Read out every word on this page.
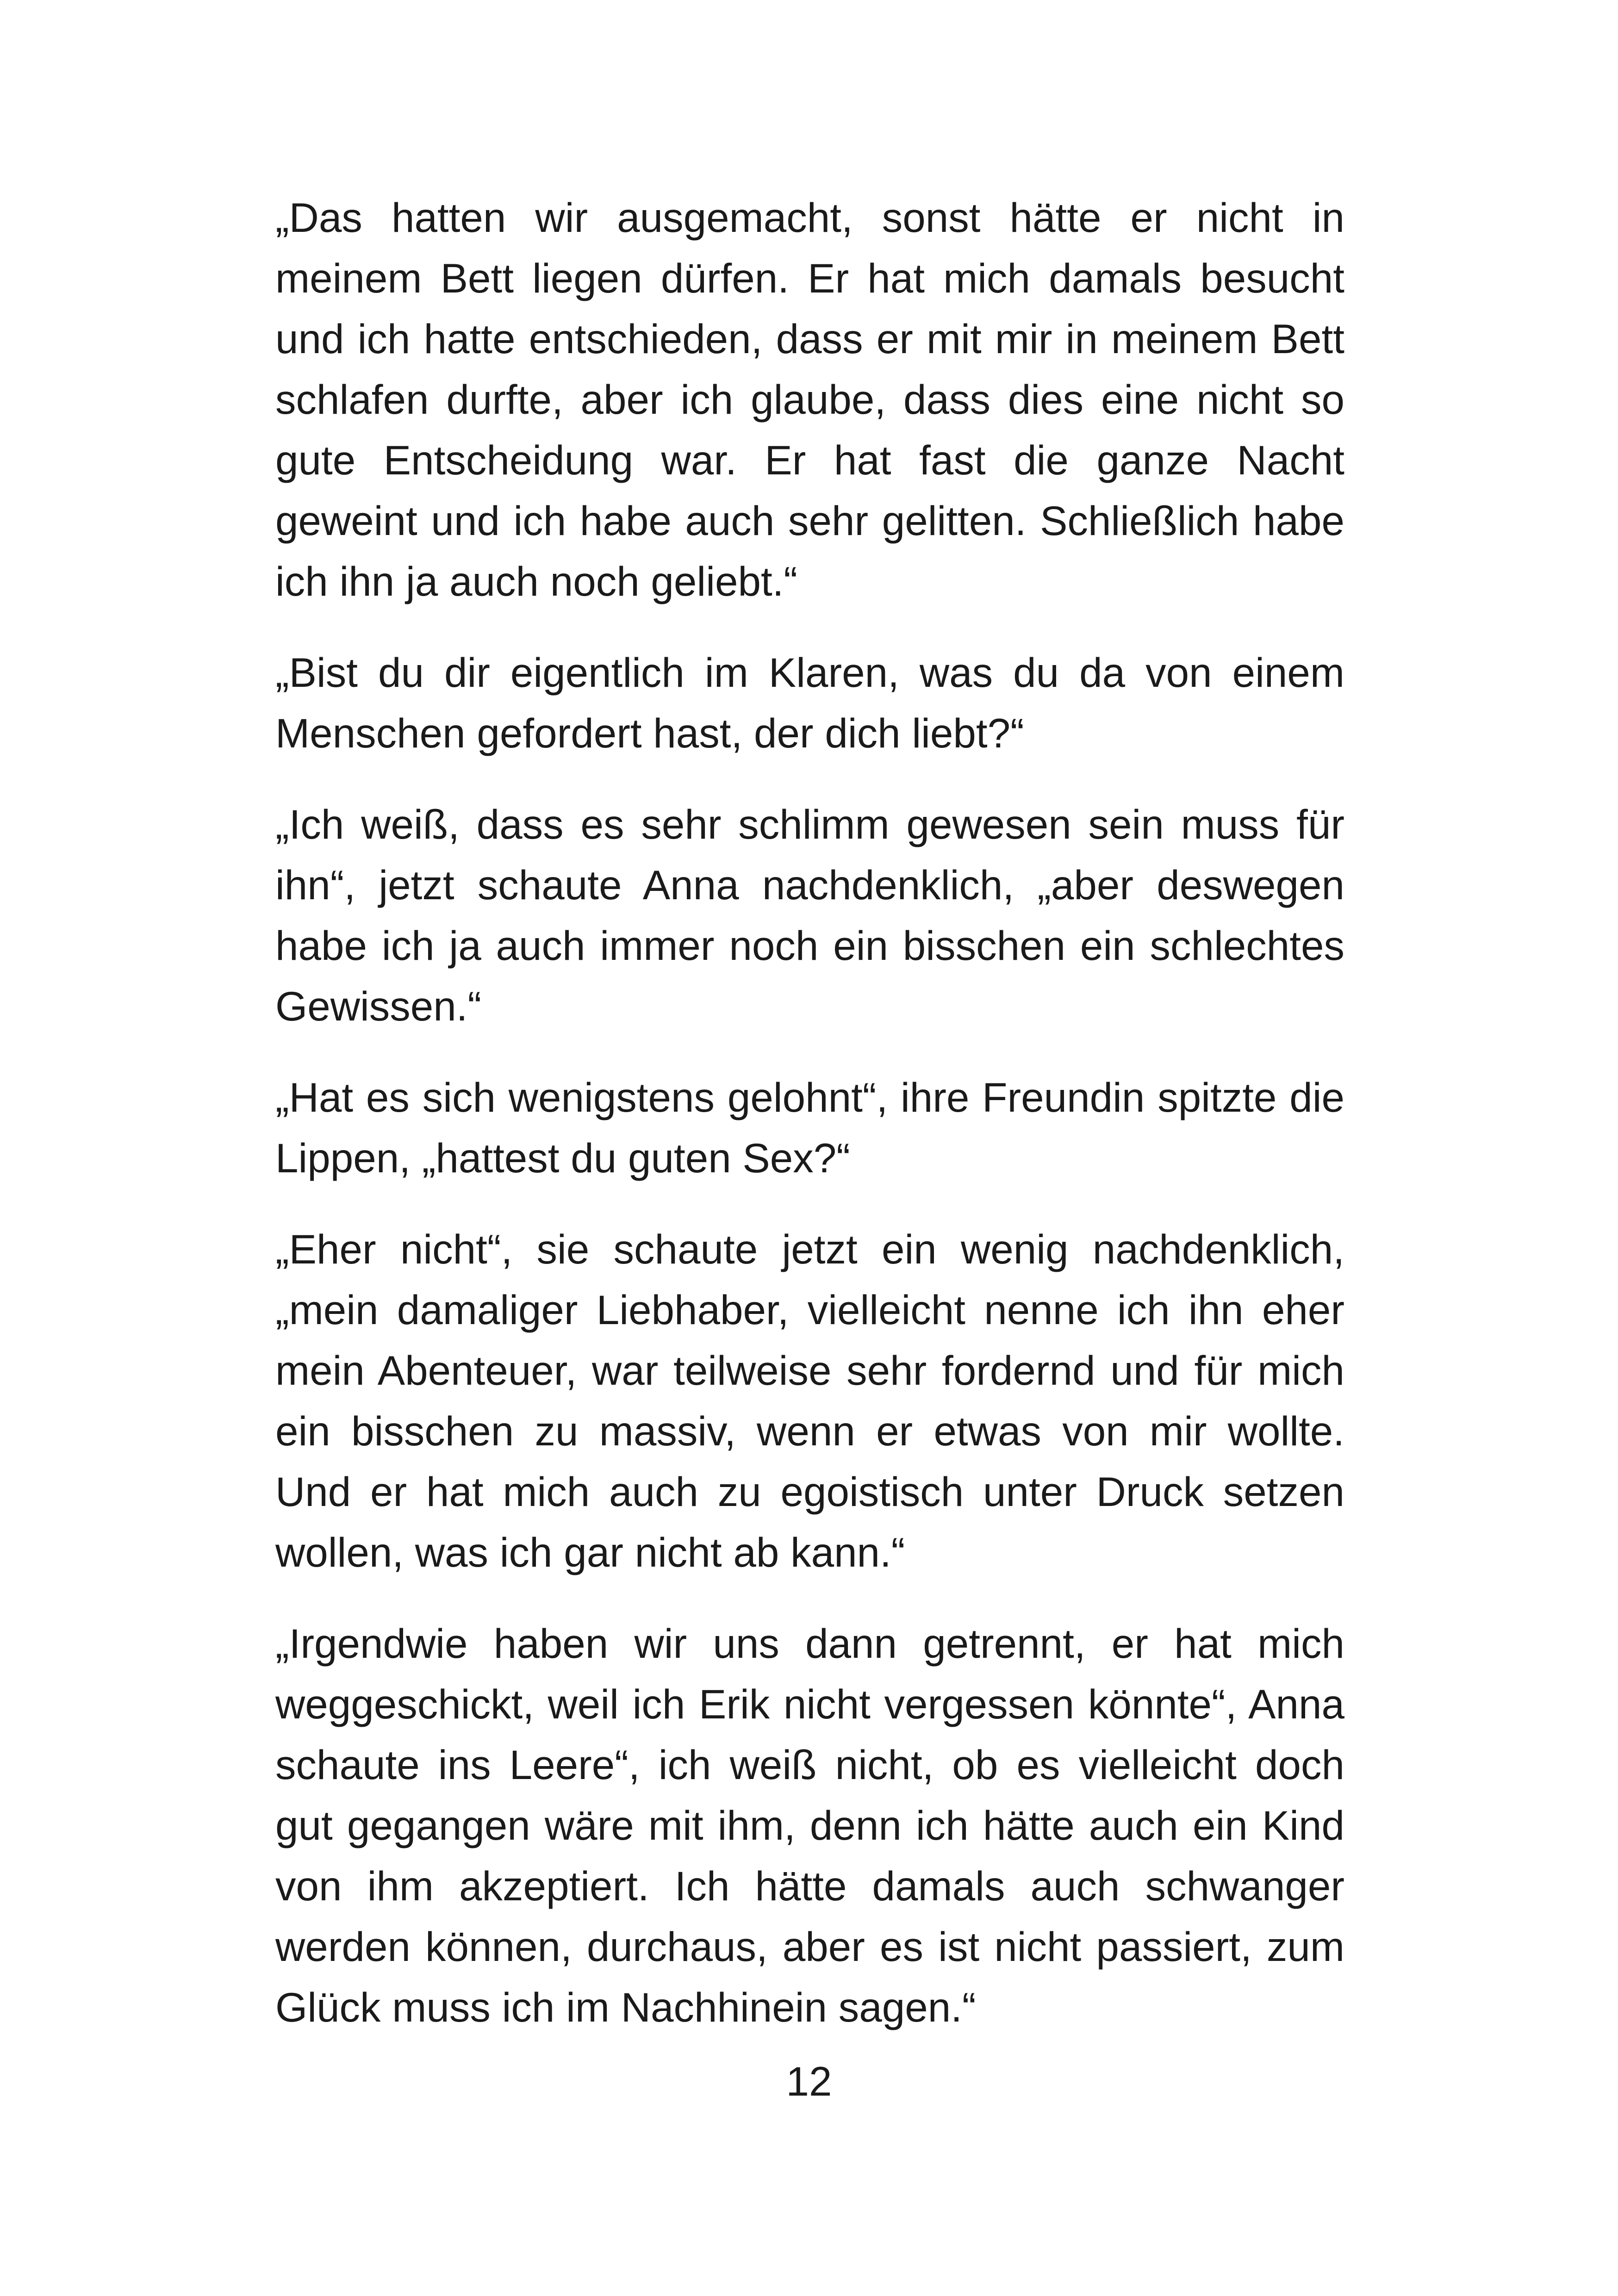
„Das hatten wir ausgemacht, sonst hätte er nicht in meinem Bett liegen dürfen. Er hat mich damals besucht und ich hatte entschieden, dass er mit mir in meinem Bett schlafen durfte, aber ich glaube, dass dies eine nicht so gute Entscheidung war. Er hat fast die ganze Nacht geweint und ich habe auch sehr gelitten. Schließlich habe ich ihn ja auch noch geliebt.“

„Bist du dir eigentlich im Klaren, was du da von einem Menschen gefordert hast, der dich liebt?“

„Ich weiß, dass es sehr schlimm gewesen sein muss für ihn“, jetzt schaute Anna nachdenklich, „aber deswegen habe ich ja auch immer noch ein bisschen ein schlechtes Gewissen.“

„Hat es sich wenigstens gelohnt“, ihre Freundin spitzte die Lippen, „hattest du guten Sex?“

„Eher nicht“, sie schaute jetzt ein wenig nachdenklich, „mein damaliger Liebhaber, vielleicht nenne ich ihn eher mein Abenteuer, war teilweise sehr fordernd und für mich ein bisschen zu massiv, wenn er etwas von mir wollte. Und er hat mich auch zu egoistisch unter Druck setzen wollen, was ich gar nicht ab kann.“

„Irgendwie haben wir uns dann getrennt, er hat mich weggeschickt, weil ich Erik nicht vergessen könnte“, Anna schaute ins Leere“, ich weiß nicht, ob es vielleicht doch gut gegangen wäre mit ihm, denn ich hätte auch ein Kind von ihm akzeptiert. Ich hätte damals auch schwanger werden können, durchaus, aber es ist nicht passiert, zum Glück muss ich im Nachhinein sagen.“

12
